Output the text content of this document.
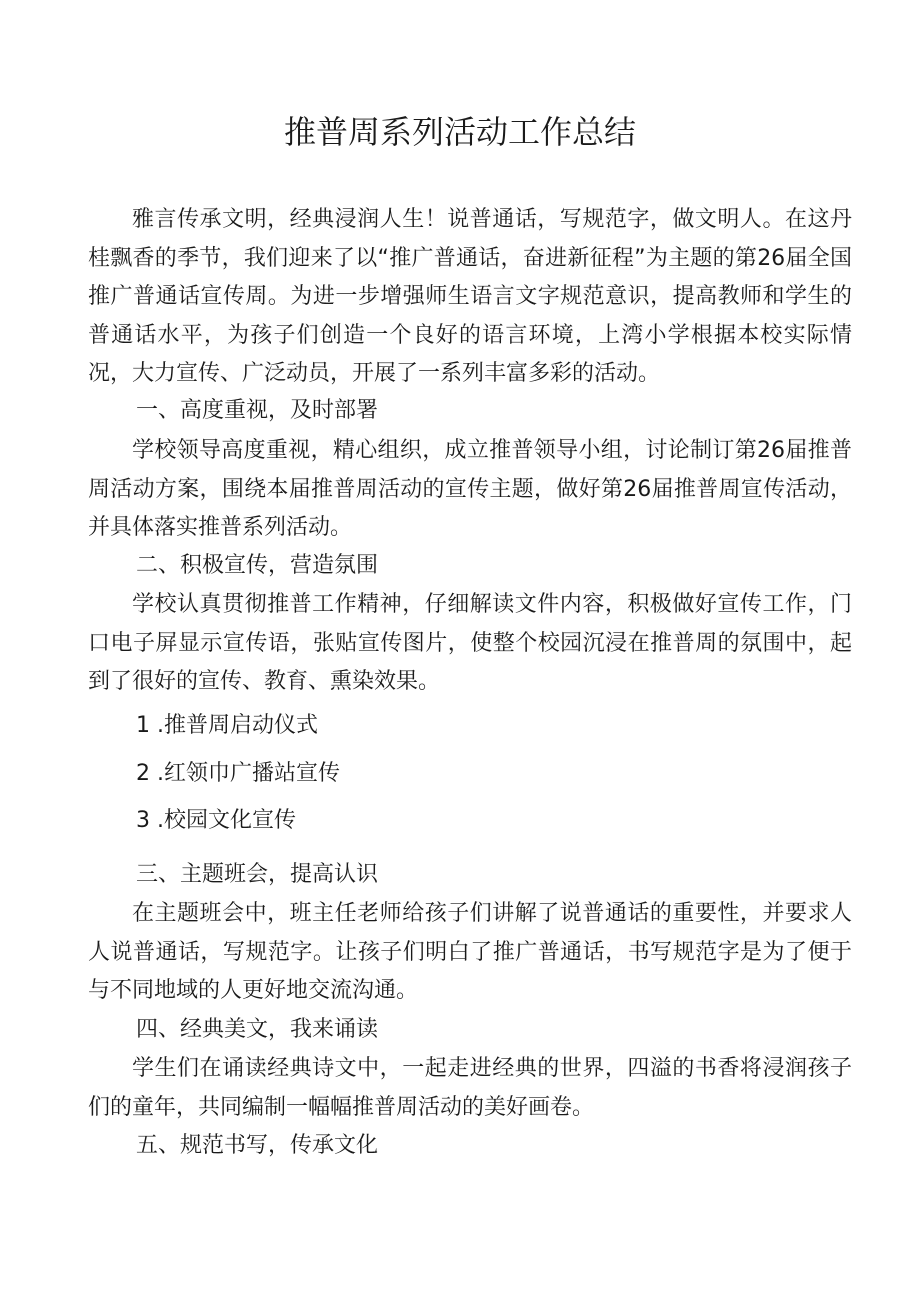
推普周系列活动工作总结

雅言传承文明，经典浸润人生！说普通话，写规范字，做文明人。在这丹桂飘香的季节，我们迎来了以“推广普通话，奋进新征程”为主题的第26届全国推广普通话宣传周。为进一步增强师生语言文字规范意识，提高教师和学生的普通话水平，为孩子们创造一个良好的语言环境，上湾小学根据本校实际情况，大力宣传、广泛动员，开展了一系列丰富多彩的活动。

一、高度重视，及时部署

学校领导高度重视，精心组织，成立推普领导小组，讨论制订第26届推普周活动方案，围绕本届推普周活动的宣传主题，做好第26届推普周宣传活动，并具体落实推普系列活动。

二、积极宣传，营造氛围

学校认真贯彻推普工作精神，仔细解读文件内容，积极做好宣传工作，门口电子屏显示宣传语，张贴宣传图片，使整个校园沉浸在推普周的氛围中，起到了很好的宣传、教育、熏染效果。

1 .推普周启动仪式

2 .红领巾广播站宣传

3 .校园文化宣传

三、主题班会，提高认识

在主题班会中，班主任老师给孩子们讲解了说普通话的重要性，并要求人人说普通话，写规范字。让孩子们明白了推广普通话，书写规范字是为了便于与不同地域的人更好地交流沟通。

四、经典美文，我来诵读

学生们在诵读经典诗文中，一起走进经典的世界，四溢的书香将浸润孩子们的童年，共同编制一幅幅推普周活动的美好画卷。

五、规范书写，传承文化
